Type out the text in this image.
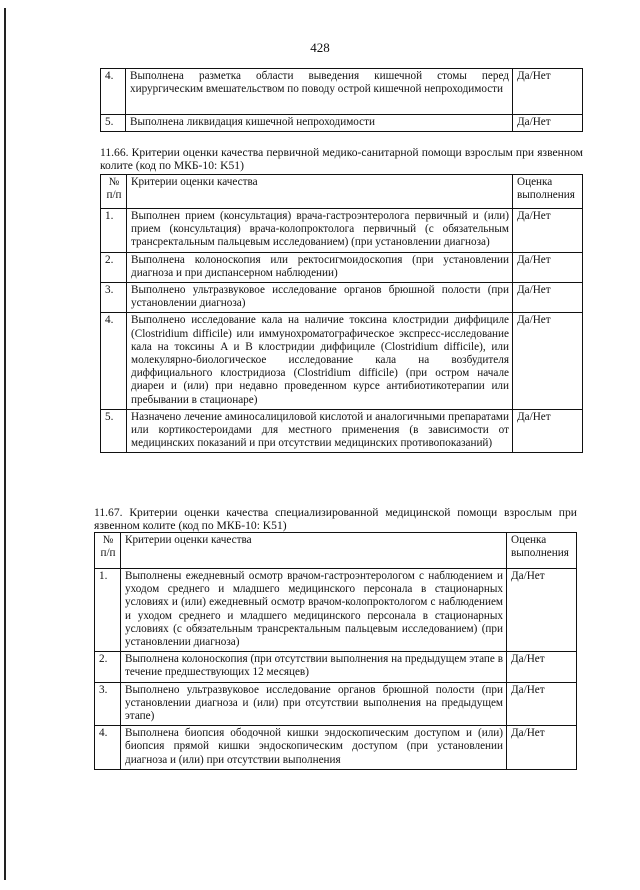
428
4.	Выполнена разметка области выведения кишечной стомы перед хирургическим вмешательством по поводу острой кишечной непроходимости	Да/Нет
5.	Выполнена ликвидация кишечной непроходимости	Да/Нет
11.66. Критерии оценки качества первичной медико-санитарной помощи взрослым при язвенном колите (код по МКБ-10: K51)
№ п/п	Критерии оценки качества	Оценка выполнения
1.	Выполнен прием (консультация) врача-гастроэнтеролога первичный и (или) прием (консультация) врача-колопроктолога первичный (с обязательным трансректальным пальцевым исследованием) (при установлении диагноза)	Да/Нет
2.	Выполнена колоноскопия или ректосигмоидоскопия (при установлении диагноза и при диспансерном наблюдении)	Да/Нет
3.	Выполнено ультразвуковое исследование органов брюшной полости (при установлении диагноза)	Да/Нет
4.	Выполнено исследование кала на наличие токсина клостридии диффициле (Clostridium difficile) или иммунохроматографическое экспресс-исследование кала на токсины A и B клостридии диффициле (Clostridium difficile), или молекулярно-биологическое исследование кала на возбудителя диффициального клостридиоза (Clostridium difficile) (при остром начале диареи и (или) при недавно проведенном курсе антибиотикотерапии или пребывании в стационаре)	Да/Нет
5.	Назначено лечение аминосалициловой кислотой и аналогичными препаратами или кортикостероидами для местного применения (в зависимости от медицинских показаний и при отсутствии медицинских противопоказаний)	Да/Нет
11.67. Критерии оценки качества специализированной медицинской помощи взрослым при язвенном колите (код по МКБ-10: K51)
№ п/п	Критерии оценки качества	Оценка выполнения
1.	Выполнены ежедневный осмотр врачом-гастроэнтерологом с наблюдением и уходом среднего и младшего медицинского персонала в стационарных условиях и (или) ежедневный осмотр врачом-колопроктологом с наблюдением и уходом среднего и младшего медицинского персонала в стационарных условиях (с обязательным трансректальным пальцевым исследованием) (при установлении диагноза)	Да/Нет
2.	Выполнена колоноскопия (при отсутствии выполнения на предыдущем этапе в течение предшествующих 12 месяцев)	Да/Нет
3.	Выполнено ультразвуковое исследование органов брюшной полости (при установлении диагноза и (или) при отсутствии выполнения на предыдущем этапе)	Да/Нет
4.	Выполнена биопсия ободочной кишки эндоскопическим доступом и (или) биопсия прямой кишки эндоскопическим доступом (при установлении диагноза и (или) при отсутствии выполнения	Да/Нет
